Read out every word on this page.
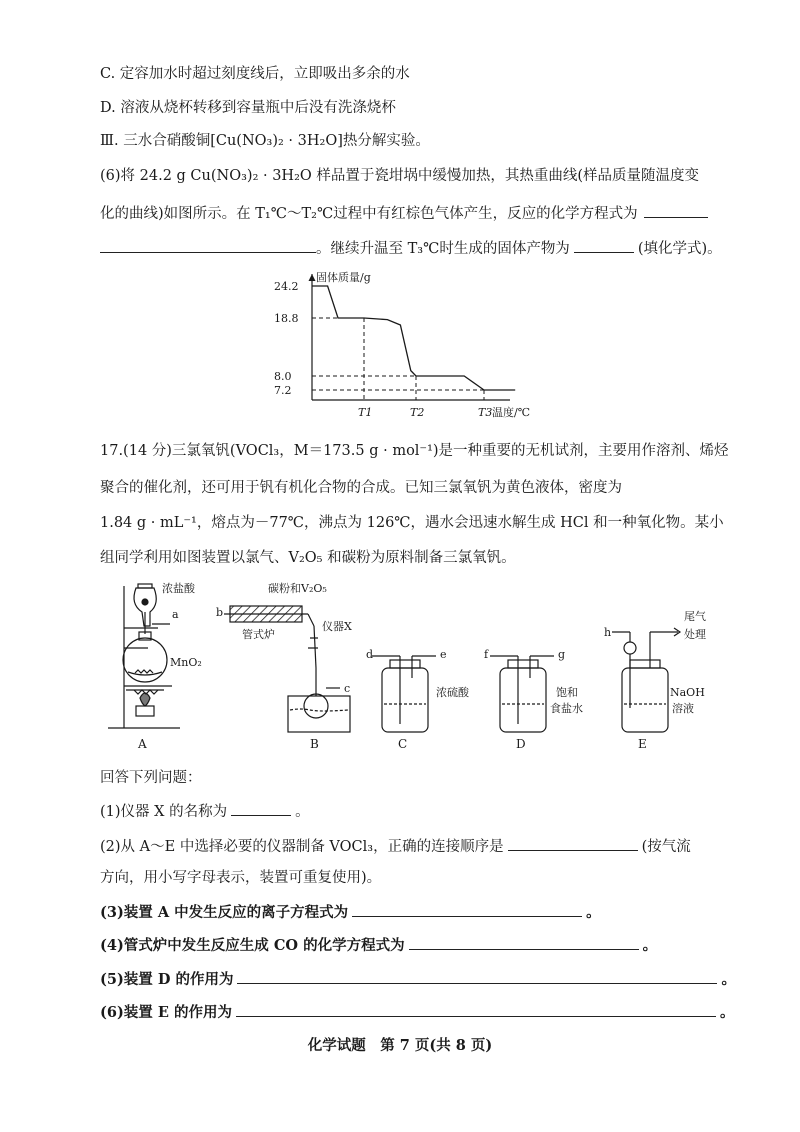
C. 定容加水时超过刻度线后，立即吸出多余的水
D. 溶液从烧杯转移到容量瓶中后没有洗涤烧杯
Ⅲ. 三水合硝酸铜[Cu(NO₃)₂ · 3H₂O]热分解实验。
(6)将 24.2 g Cu(NO₃)₂ · 3H₂O 样品置于瓷坩埚中缓慢加热，其热重曲线(样品质量随温度变
化的曲线)如图所示。在 T₁℃～T₂℃过程中有红棕色气体产生，反应的化学方程式为
。继续升温至 T₃℃时生成的固体产物为	(填化学式)。
固体质量/g
温度/℃
24.2
18.8
8.0
7.2
T1	T2	T3
17.(14 分)三氯氧钒(VOCl₃，M＝173.5 g · mol⁻¹)是一种重要的无机试剂，主要用作溶剂、烯烃
聚合的催化剂，还可用于钒有机化合物的合成。已知三氯氧钒为黄色液体，密度为
1.84 g · mL⁻¹，熔点为－77℃，沸点为 126℃，遇水会迅速水解生成 HCl 和一种氧化物。某小
组同学利用如图装置以氯气、V₂O₅ 和碳粉为原料制备三氯氧钒。
浓盐酸
a
MnO₂
A
碳粉和V₂O₅
b
管式炉
仪器X
c
B
d	e
浓硫酸
C
f	g
饱和
食盐水
D
h
尾气
处理
NaOH
溶液
E
回答下列问题：
(1)仪器 X 的名称为	。
(2)从 A～E 中选择必要的仪器制备 VOCl₃，正确的连接顺序是	(按气流
方向，用小写字母表示，装置可重复使用)。
(3)装置 A 中发生反应的离子方程式为	。
(4)管式炉中发生反应生成 CO 的化学方程式为	。
(5)装置 D 的作用为	。
(6)装置 E 的作用为	。
化学试题　第 7 页(共 8 页)
